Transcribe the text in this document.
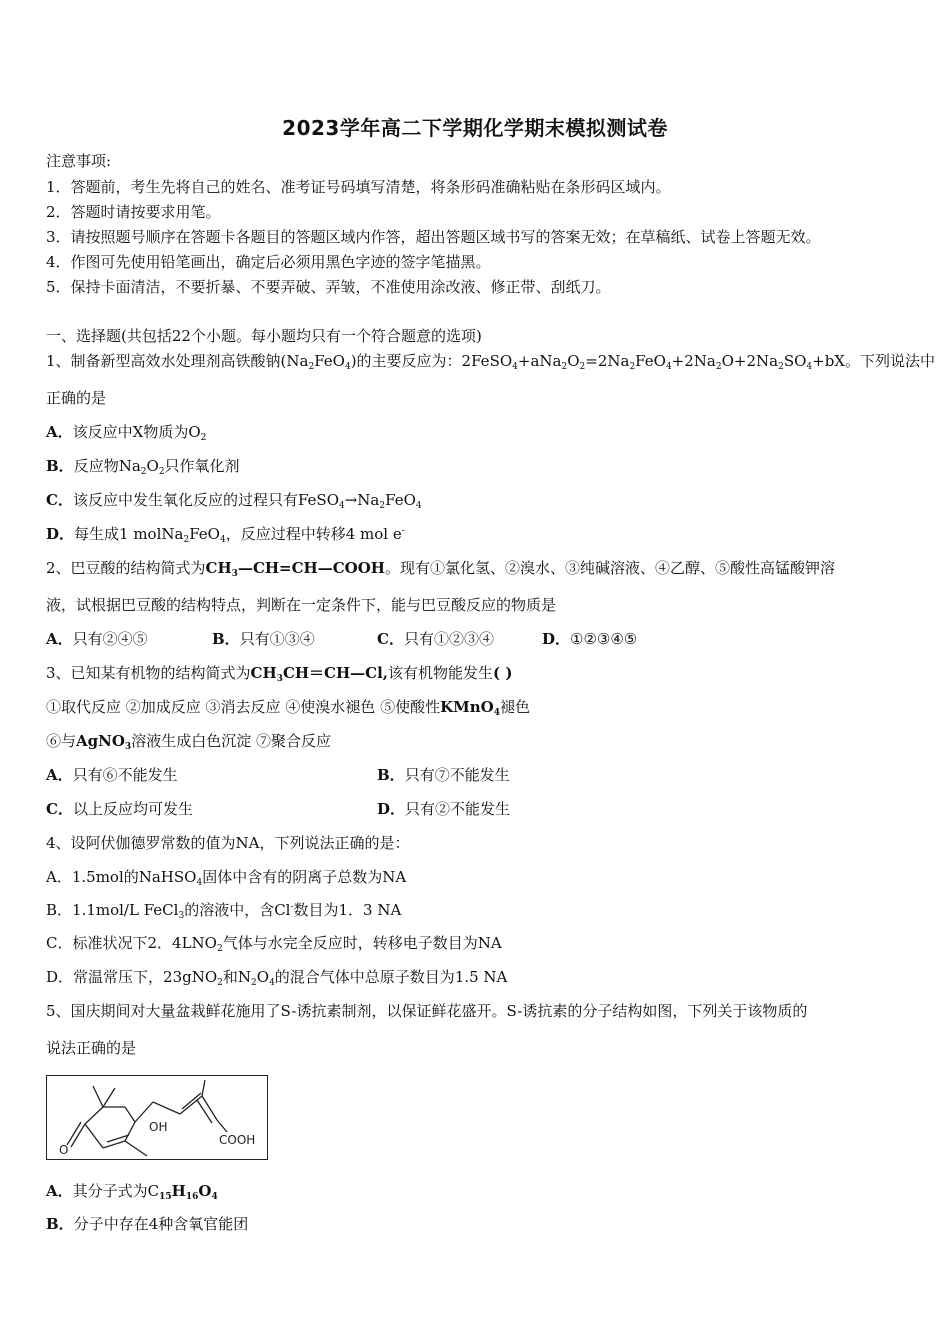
2023学年高二下学期化学期末模拟测试卷
注意事项:
1．答题前，考生先将自己的姓名、准考证号码填写清楚，将条形码准确粘贴在条形码区域内。
2．答题时请按要求用笔。
3．请按照题号顺序在答题卡各题目的答题区域内作答，超出答题区域书写的答案无效；在草稿纸、试卷上答题无效。
4．作图可先使用铅笔画出，确定后必须用黑色字迹的签字笔描黑。
5．保持卡面清洁，不要折暴、不要弄破、弄皱，不准使用涂改液、修正带、刮纸刀。
一、选择题(共包括22个小题。每小题均只有一个符合题意的选项)
1、制备新型高效水处理剂高铁酸钠$(Na_2FeO_4)$的主要反应为：$2FeSO_4+aNa_2O_2=2Na_2FeO_4+2Na_2O+2Na_2SO_4+bX$。下列说法中
正确的是
A．该反应中X物质为$O_2$
B．反应物$Na_2O_2$只作氧化剂
C．该反应中发生氧化反应的过程只有$FeSO_4\to Na_2FeO_4$
D．每生成1 molNa$_2$FeO$_4$，反应过程中转移4 mol e-
2、巴豆酸的结构简式为$CH_3—CH=CH—COOH$。现有①氯化氢、②溴水、③纯碱溶液、④乙醇、⑤酸性高锰酸钾溶
液，试根据巴豆酸的结构特点，判断在一定条件下，能与巴豆酸反应的物质是
A．只有②④⑤	B．只有①③④	C．只有①②③④	D．①②③④⑤
3、已知某有机物的结构简式为$CH_3CH=CH—Cl$,该有机物能发生( )
①取代反应 ②加成反应 ③消去反应 ④使溴水褪色 ⑤使酸性KMnO$_4$褪色
⑥与AgNO$_3$溶液生成白色沉淀 ⑦聚合反应
A．只有⑥不能发生	B．只有⑦不能发生
C．以上反应均可发生	D．只有②不能发生
4、设阿伏伽德罗常数的值为NA，下列说法正确的是：
A．1.5mol的NaHSO$_4$固体中含有的阴离子总数为NA
B．1.1mol/L FeCl$_3$的溶液中，含Cl-数目为1．3 NA
C．标准状况下2．$4LNO_2$气体与水完全反应时，转移电子数目为NA
D．常温常压下，23gNO$_2$和$N_2O_4$的混合气体中总原子数目为1.5 NA
5、国庆期间对大量盆栽鲜花施用了S-诱抗素制剂，以保证鲜花盛开。S-诱抗素的分子结构如图，下列关于该物质的
说法正确的是
O
OH
COOH
A．其分子式为$C_{15}H_{16}O_4$
B．分子中存在4种含氧官能团
